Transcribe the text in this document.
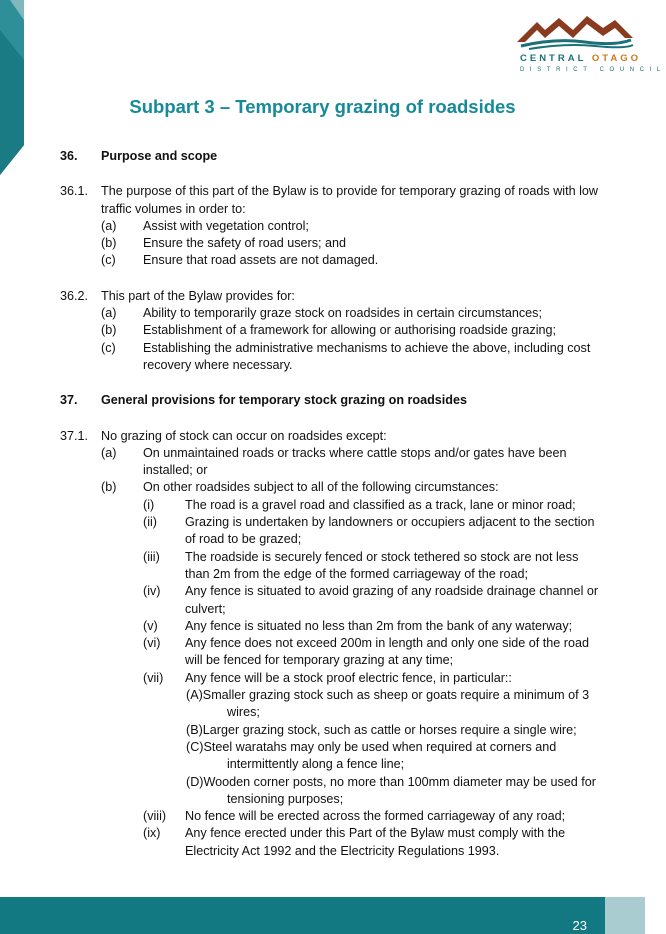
CENTRAL OTAGO
DISTRICT COUNCIL
Subpart 3 – Temporary grazing of roadsides
36. Purpose and scope
36.1. The purpose of this part of the Bylaw is to provide for temporary grazing of roads with low traffic volumes in order to:
(a) Assist with vegetation control;
(b) Ensure the safety of road users; and
(c) Ensure that road assets are not damaged.
36.2. This part of the Bylaw provides for:
(a) Ability to temporarily graze stock on roadsides in certain circumstances;
(b) Establishment of a framework for allowing or authorising roadside grazing;
(c) Establishing the administrative mechanisms to achieve the above, including cost recovery where necessary.
37. General provisions for temporary stock grazing on roadsides
37.1. No grazing of stock can occur on roadsides except:
(a) On unmaintained roads or tracks where cattle stops and/or gates have been installed; or
(b) On other roadsides subject to all of the following circumstances:
(i) The road is a gravel road and classified as a track, lane or minor road;
(ii) Grazing is undertaken by landowners or occupiers adjacent to the section of road to be grazed;
(iii) The roadside is securely fenced or stock tethered so stock are not less than 2m from the edge of the formed carriageway of the road;
(iv) Any fence is situated to avoid grazing of any roadside drainage channel or culvert;
(v) Any fence is situated no less than 2m from the bank of any waterway;
(vi) Any fence does not exceed 200m in length and only one side of the road will be fenced for temporary grazing at any time;
(vii) Any fence will be a stock proof electric fence, in particular::
(A)Smaller grazing stock such as sheep or goats require a minimum of 3 wires;
(B)Larger grazing stock, such as cattle or horses require a single wire;
(C)Steel waratahs may only be used when required at corners and intermittently along a fence line;
(D)Wooden corner posts, no more than 100mm diameter may be used for tensioning purposes;
(viii) No fence will be erected across the formed carriageway of any road;
(ix) Any fence erected under this Part of the Bylaw must comply with the Electricity Act 1992 and the Electricity Regulations 1993.
23
